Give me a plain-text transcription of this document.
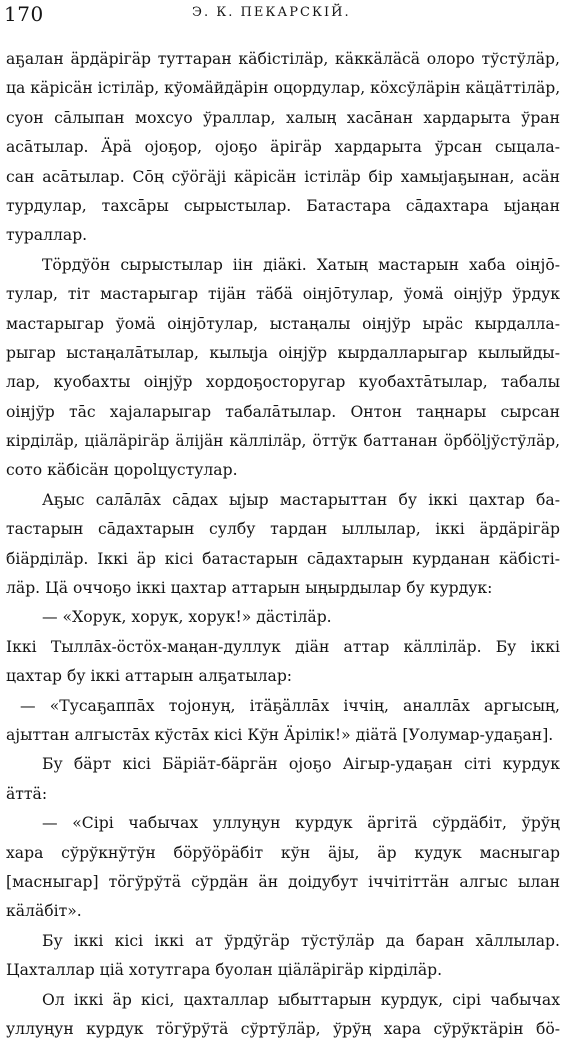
170	Э. К. ПЕКАРСКIЙ.
аҕалан äрдäрiгäр туттаран кäбiстiлäр, кäккäлäсä олоро тўстўлäр,
ца кäрiсäн iстiлäр, кўомäйдäрiн оцордулар, кöхсўлäрiн кäцäттiлäр,
суон сāлыпан мохсуо ўраллар, халың хасāнан хардарыта ўран
асāтылар. Äрä оjоҕор, оjоҕо äрiгäр хардарыта ўрсан сыцала-
сан асāтылар. Сōң сўöгäji кäрiсäн iстiлäр бiр хамыjаҕынан, асäн
турдулар, тахсāры сырыстылар. Батастара сāдахтара ыjаңан
тураллар.
Тöрдўöн сырыстылар iiн дiäкi. Хатың мастарын хаба оiнjō-
тулар, тiт мастарыгар тiјäн тäбä оiнjōтулар, ўомä оiнjўр ўрдук
мастарыгар ўомä оiнjōтулар, ыстаңалы оiнjўр ырäс кырдалла-
рыгар ыстаңалāтылар, кылыjа оiнjўр кырдалларыгар кылыйды-
лар, куобахты оiнjўр хордоҕосторугар куобахтāтылар, табалы
оiнjўр тāс хаjаларыгар табалāтылар. Онтон таңнары сырсан
кiрдiлäр, цiäлäрiгäр äлiјäн кäллiлäр, öттўк баттанан öрбöljўстўлäр,
сото кäбiсäн цороlцустулар.
Аҕыс салāлāх сāдах ыjыр мастарыттан бу iккi цахтар ба-
тастарын сāдахтарын сулбу тардан ыллылар, iккi äрдäрiгäр
бiäрдiлäр. Iккi äр кiсi батастарын сāдахтарын курданан кäбiстi-
лäр. Цä оччоҕо iккi цахтар аттарын ыңырдылар бу курдук:
— «Хорук, хорук, хорук!» дäстiлäр.
Iккi Тыллāх-öстöх-маңан-дуллук дiäн аттар кäллiлäр. Бу iккi
цахтар бу iккi аттарын алҕатылар:
— «Тусаҕаппāх тоjонуң, iтäҕäллāх iччiң, аналлāх аргысың,
аjыттан алгыстāх кўстāх кiсi Кўн Äрiлiк!» дiäтä [Уолумар-удаҕан].
Бу бäрт кiсi Бäрiäт-бäргäн оjоҕо Аiгыр-удаҕан сiтi курдук
äттä:
— «Сiрi чабычах уллуңун курдук äргiтä сўрдäбiт, ўрўң
хара сўрўкнўтўн бöрўöрäбiт кўн äjы, äр кудук масныгар
[масныгар] тöгўрўтä сўрдäн äн доiдубут iччiтiттäн алгыс ылан
кäлäбiт».
Бу iккi кiсi iккi ат ўрдўгäр тўстўлäр да баран хāллылар.
Цахталлар цiä хотутгара буолан цiäлäрiгäр кiрдiлäр.
Ол iккi äр кiсi, цахталлар ыбыттарын курдук, сiрi чабычах
уллуңун курдук тöгўрўтä сўртўлäр, ўрўң хара сўрўктäрiн бö-
